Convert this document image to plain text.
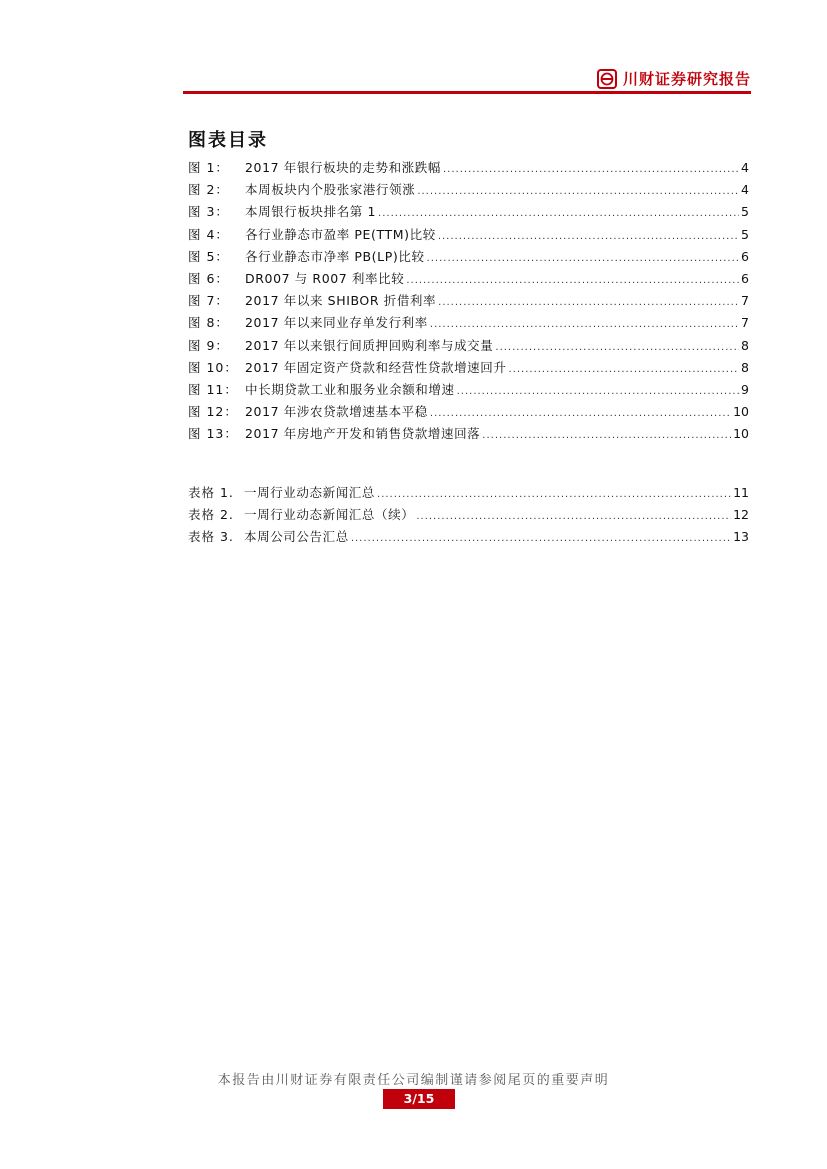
川财证券研究报告
图表目录
图 1：	2017 年银行板块的走势和涨跌幅 .....	4
图 2：	本周板块内个股张家港行领涨 .....	4
图 3：	本周银行板块排名第 1 .....	5
图 4：	各行业静态市盈率 PE(TTM)比较 .....	5
图 5：	各行业静态市净率 PB(LP)比较 .....	6
图 6：	DR007 与 R007 利率比较 .....	6
图 7：	2017 年以来 SHIBOR 折借利率 .....	7
图 8：	2017 年以来同业存单发行利率 .....	7
图 9：	2017 年以来银行间质押回购利率与成交量 .....	8
图 10： 2017 年固定资产贷款和经营性贷款增速回升 .....	8
图 11： 中长期贷款工业和服务业余额和增速 .....	9
图 12： 2017 年涉农贷款增速基本平稳 .....	10
图 13： 2017 年房地产开发和销售贷款增速回落 .....	10
表格 1. 一周行业动态新闻汇总 .....	11
表格 2. 一周行业动态新闻汇总（续） .....	12
表格 3. 本周公司公告汇总 .....	13
本报告由川财证券有限责任公司编制谨请参阅尾页的重要声明
3/15
